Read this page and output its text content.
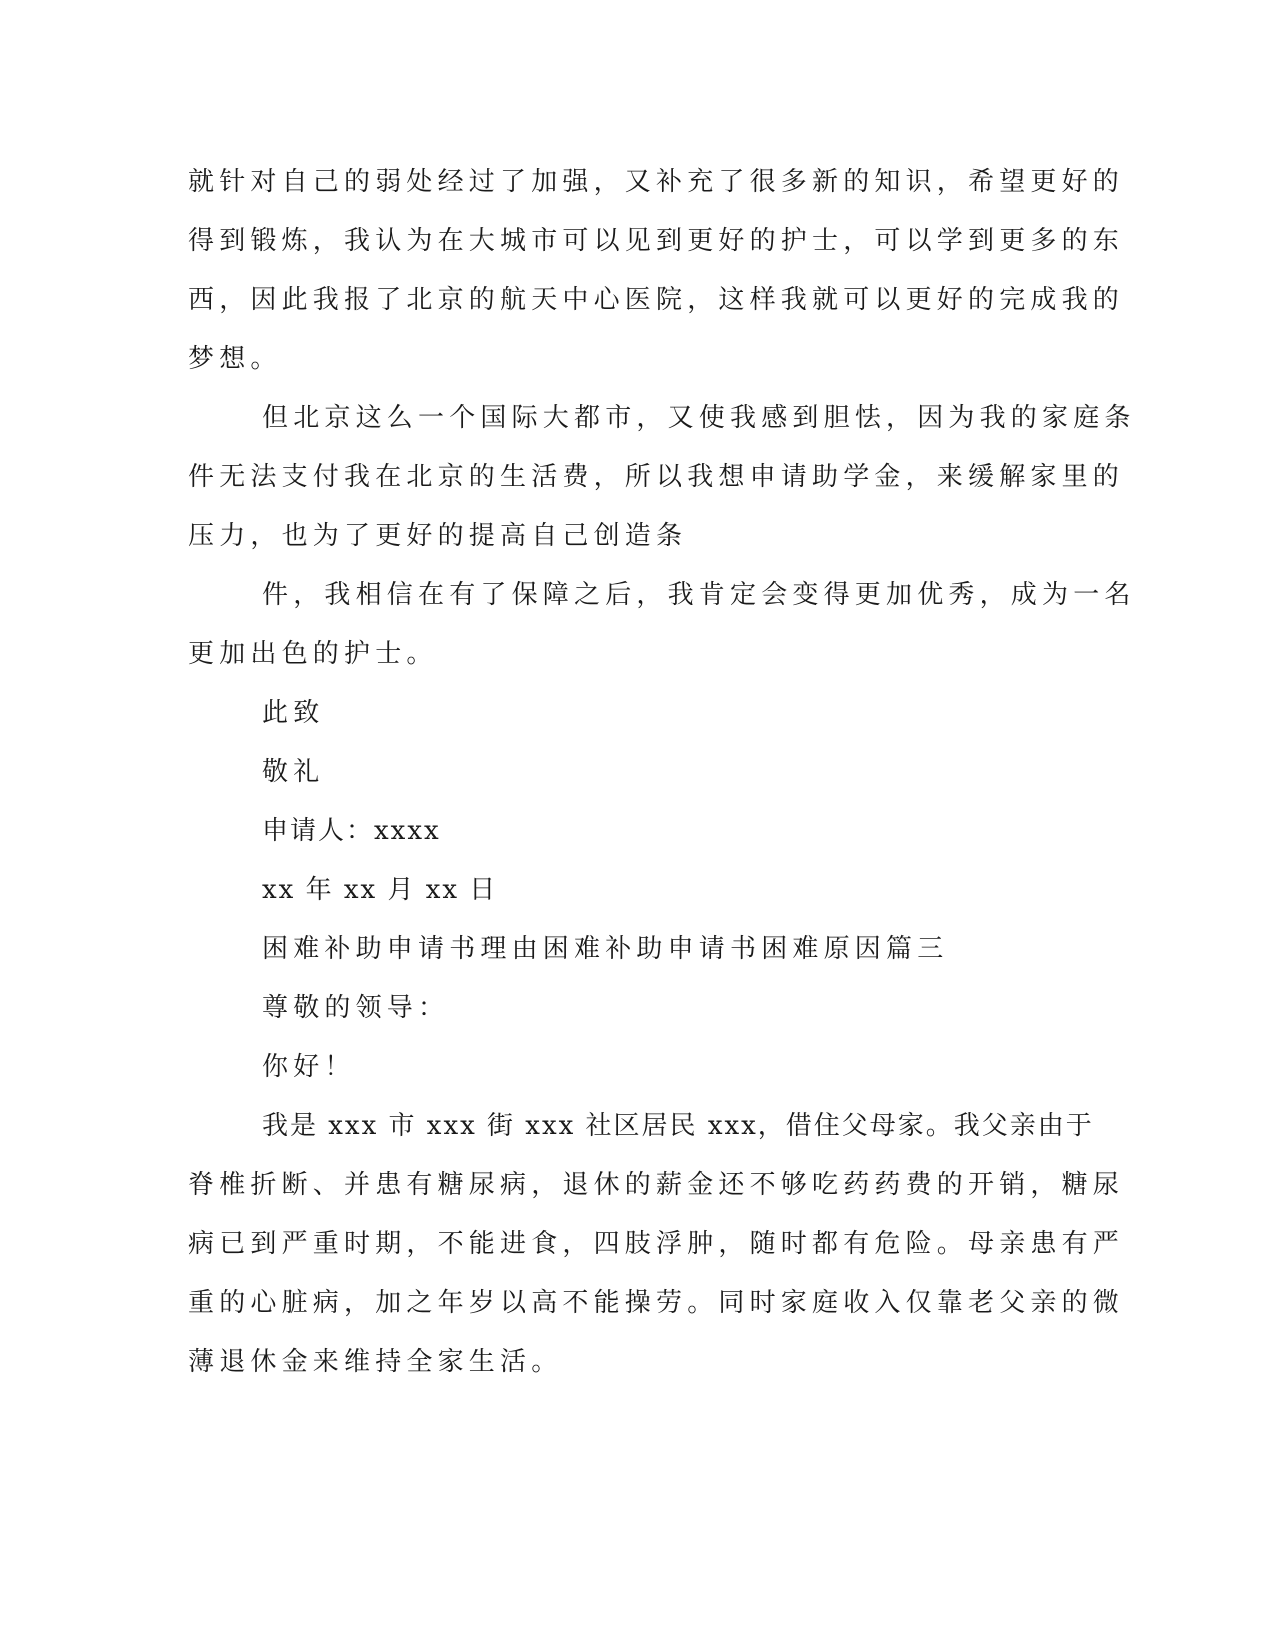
就针对自己的弱处经过了加强，又补充了很多新的知识，希望更好的
得到锻炼，我认为在大城市可以见到更好的护士，可以学到更多的东
西，因此我报了北京的航天中心医院，这样我就可以更好的完成我的
梦想。
但北京这么一个国际大都市，又使我感到胆怯，因为我的家庭条
件无法支付我在北京的生活费，所以我想申请助学金，来缓解家里的
压力，也为了更好的提高自己创造条
件，我相信在有了保障之后，我肯定会变得更加优秀，成为一名
更加出色的护士。
此致
敬礼
申请人：xxxx
xx 年 xx 月 xx 日
困难补助申请书理由困难补助申请书困难原因篇三
尊敬的领导：
你好！
我是 xxx 市 xxx 街 xxx 社区居民 xxx，借住父母家。我父亲由于
脊椎折断、并患有糖尿病，退休的薪金还不够吃药药费的开销，糖尿
病已到严重时期，不能进食，四肢浮肿，随时都有危险。母亲患有严
重的心脏病，加之年岁以高不能操劳。同时家庭收入仅靠老父亲的微
薄退休金来维持全家生活。
